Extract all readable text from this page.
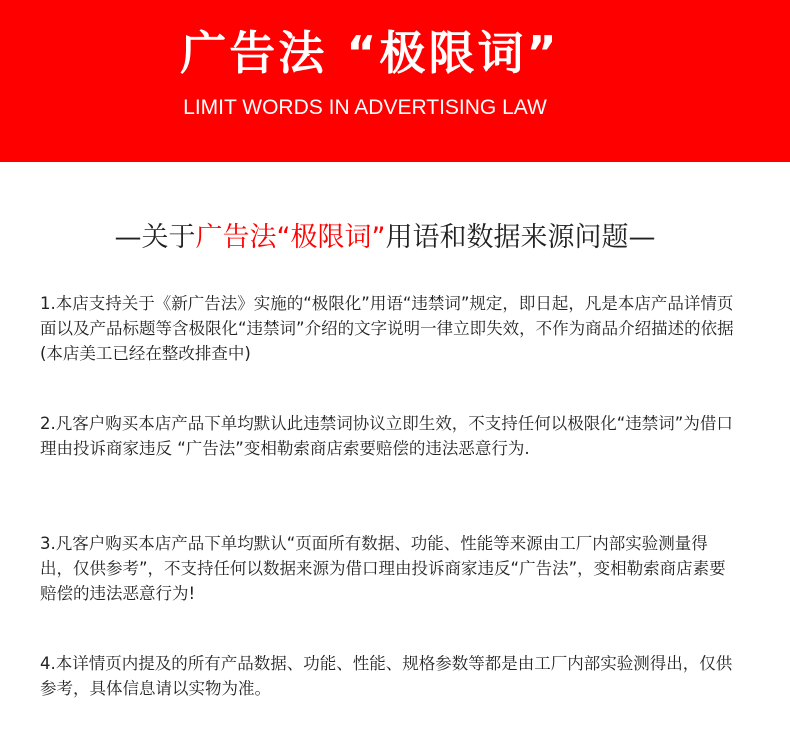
广告法 “极限词”
LIMIT WORDS IN ADVERTISING LAW
—关于广告法“极限词”用语和数据来源问题—

1.本店支持关于《新广告法》实施的“极限化”用语“违禁词”规定，即日起，凡是本店产品详情页面以及产品标题等含极限化“违禁词”介绍的文字说明一律立即失效，不作为商品介绍描述的依据(本店美工已经在整改排查中)

2.凡客户购买本店产品下单均默认此违禁词协议立即生效，不支持任何以极限化“违禁词”为借口理由投诉商家违反 “广告法”变相勒索商店索要赔偿的违法恶意行为.

3.凡客户购买本店产品下单均默认“页面所有数据、功能、性能等来源由工厂内部实验测量得出，仅供参考”，不支持任何以数据来源为借口理由投诉商家违反“广告法”，变相勒索商店素要赔偿的违法恶意行为!

4.本详情页内提及的所有产品数据、功能、性能、规格参数等都是由工厂内部实验测得出，仅供参考，具体信息请以实物为准。
